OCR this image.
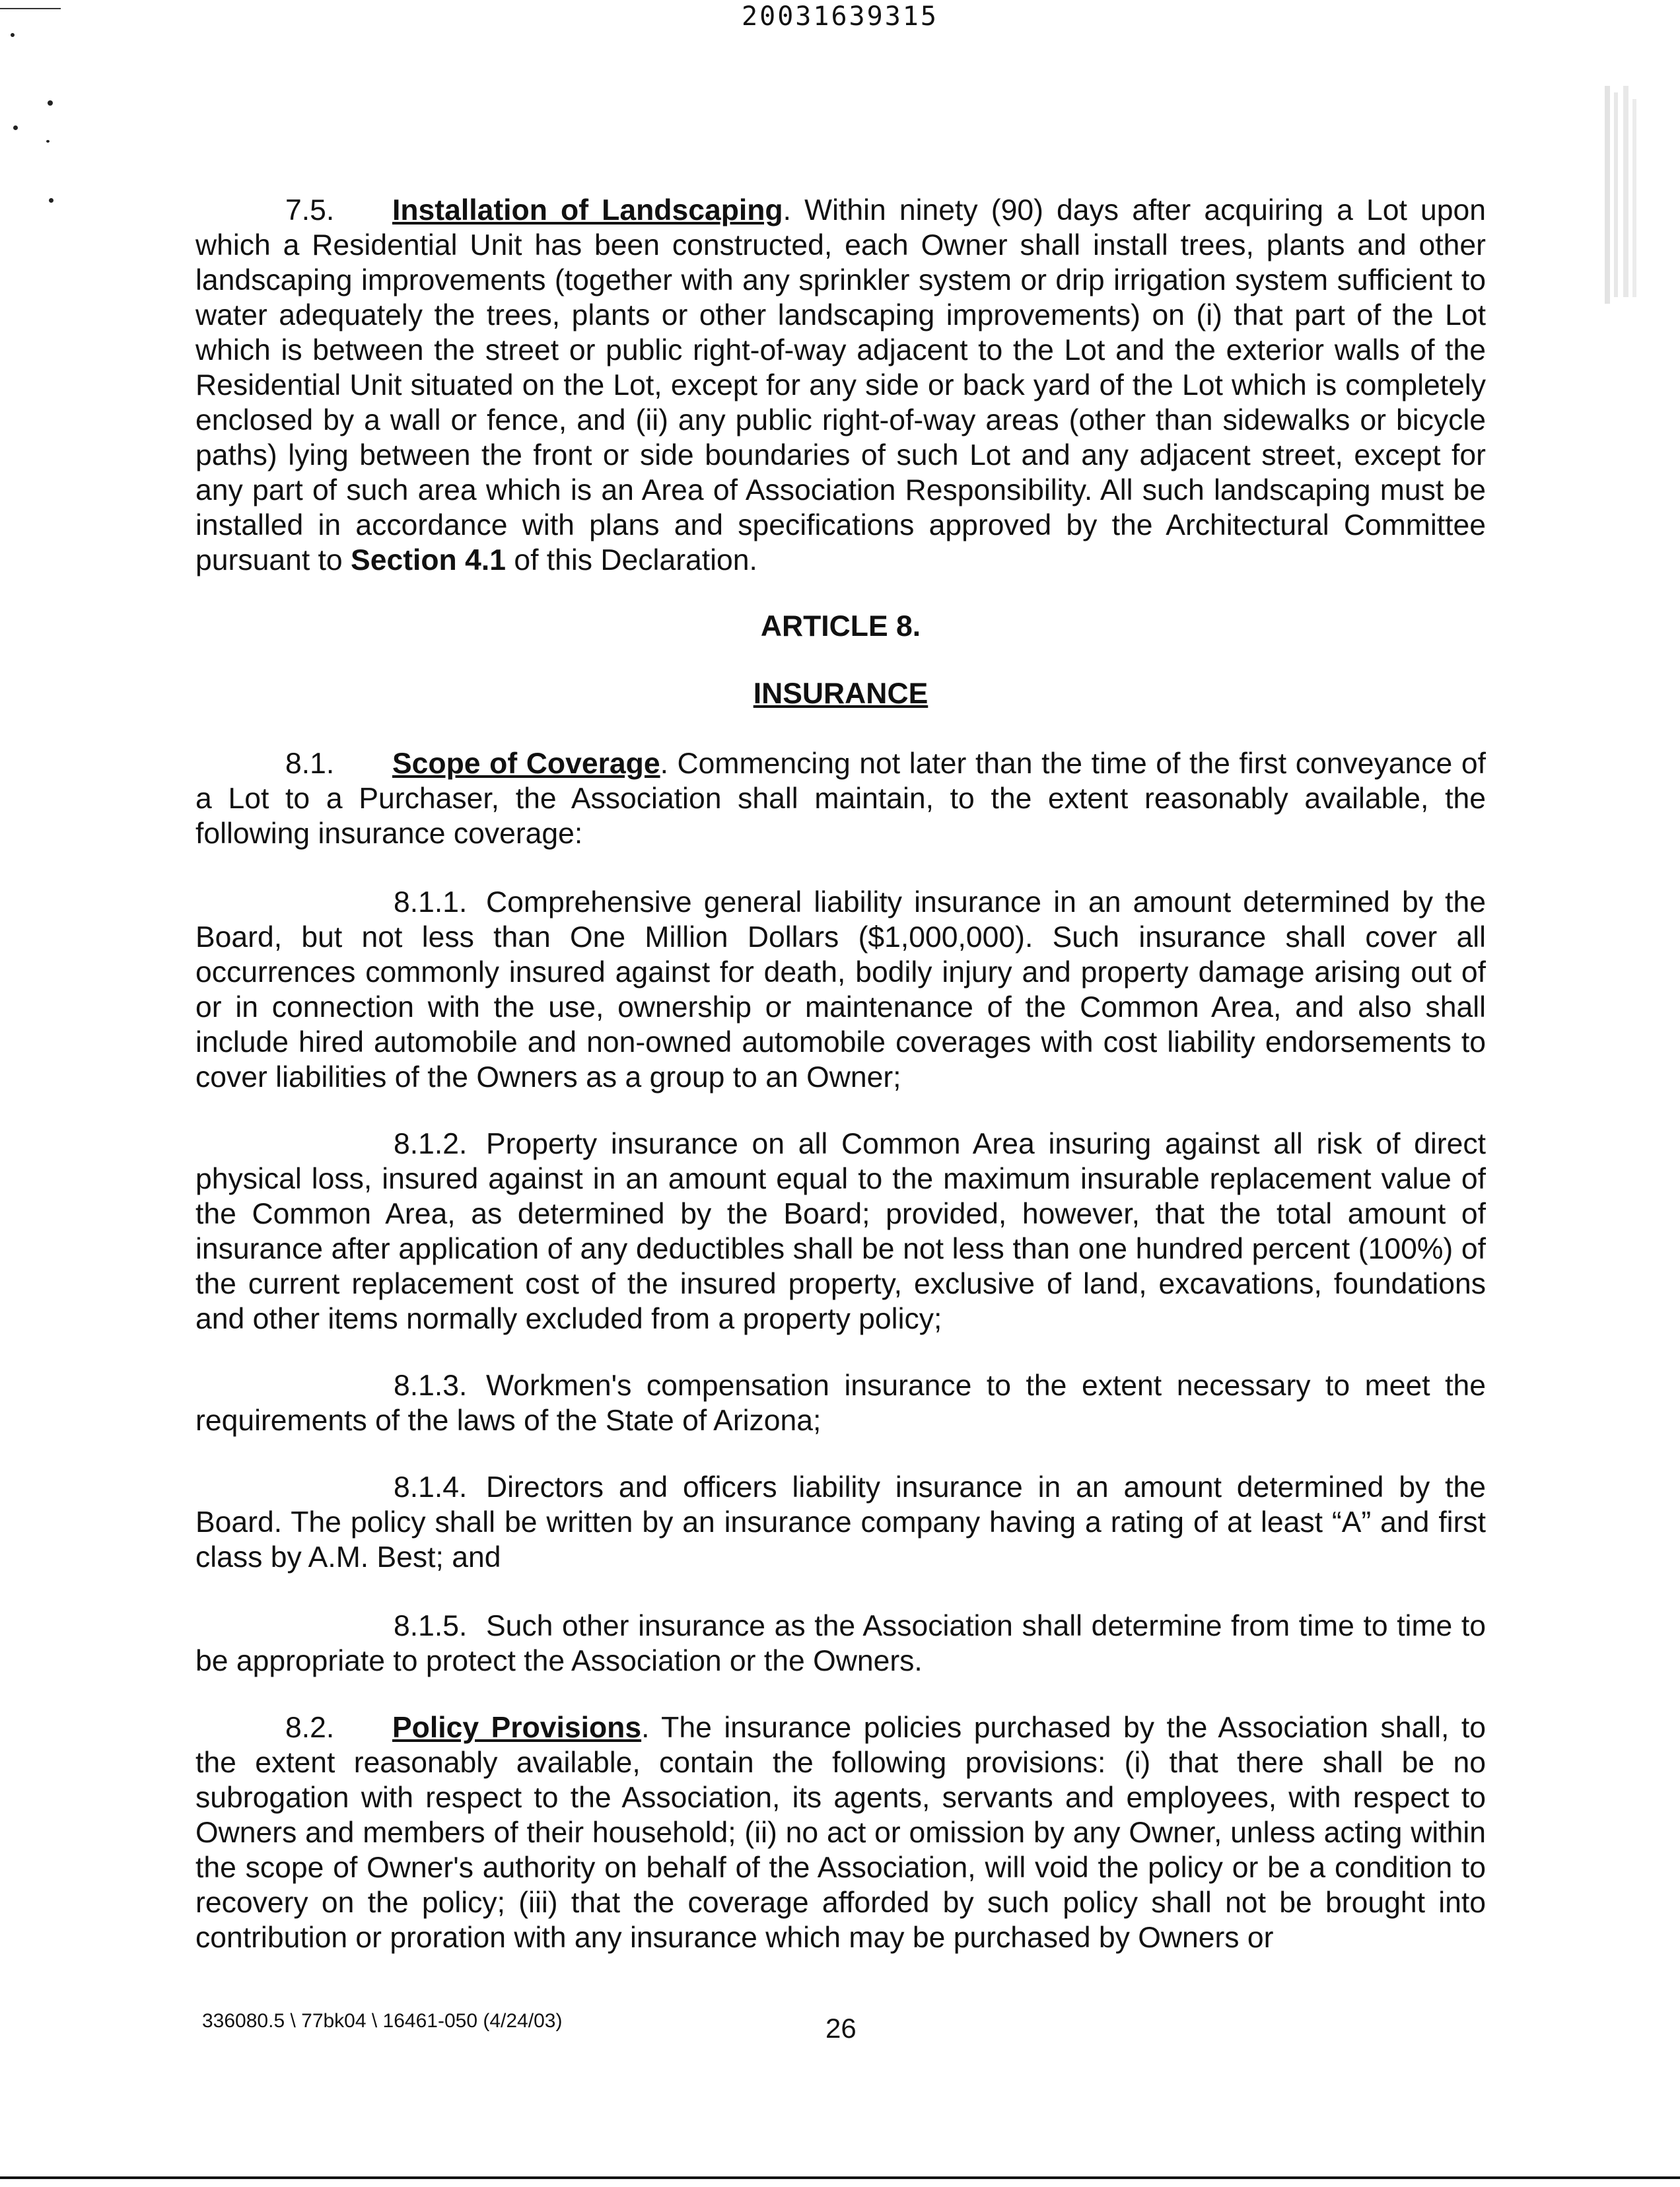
20031639315

7.5. Installation of Landscaping. Within ninety (90) days after acquiring a Lot upon which a Residential Unit has been constructed, each Owner shall install trees, plants and other landscaping improvements (together with any sprinkler system or drip irrigation system sufficient to water adequately the trees, plants or other landscaping improvements) on (i) that part of the Lot which is between the street or public right-of-way adjacent to the Lot and the exterior walls of the Residential Unit situated on the Lot, except for any side or back yard of the Lot which is completely enclosed by a wall or fence, and (ii) any public right-of-way areas (other than sidewalks or bicycle paths) lying between the front or side boundaries of such Lot and any adjacent street, except for any part of such area which is an Area of Association Responsibility. All such landscaping must be installed in accordance with plans and specifications approved by the Architectural Committee pursuant to Section 4.1 of this Declaration.

ARTICLE 8.
INSURANCE

8.1. Scope of Coverage. Commencing not later than the time of the first conveyance of a Lot to a Purchaser, the Association shall maintain, to the extent reasonably available, the following insurance coverage:

8.1.1. Comprehensive general liability insurance in an amount determined by the Board, but not less than One Million Dollars ($1,000,000). Such insurance shall cover all occurrences commonly insured against for death, bodily injury and property damage arising out of or in connection with the use, ownership or maintenance of the Common Area, and also shall include hired automobile and non-owned automobile coverages with cost liability endorsements to cover liabilities of the Owners as a group to an Owner;

8.1.2. Property insurance on all Common Area insuring against all risk of direct physical loss, insured against in an amount equal to the maximum insurable replacement value of the Common Area, as determined by the Board; provided, however, that the total amount of insurance after application of any deductibles shall be not less than one hundred percent (100%) of the current replacement cost of the insured property, exclusive of land, excavations, foundations and other items normally excluded from a property policy;

8.1.3. Workmen's compensation insurance to the extent necessary to meet the requirements of the laws of the State of Arizona;

8.1.4. Directors and officers liability insurance in an amount determined by the Board. The policy shall be written by an insurance company having a rating of at least “A” and first class by A.M. Best; and

8.1.5. Such other insurance as the Association shall determine from time to time to be appropriate to protect the Association or the Owners.

8.2. Policy Provisions. The insurance policies purchased by the Association shall, to the extent reasonably available, contain the following provisions: (i) that there shall be no subrogation with respect to the Association, its agents, servants and employees, with respect to Owners and members of their household; (ii) no act or omission by any Owner, unless acting within the scope of Owner's authority on behalf of the Association, will void the policy or be a condition to recovery on the policy; (iii) that the coverage afforded by such policy shall not be brought into contribution or proration with any insurance which may be purchased by Owners or

336080.5 \ 77bk04 \ 16461-050 (4/24/03)	26
